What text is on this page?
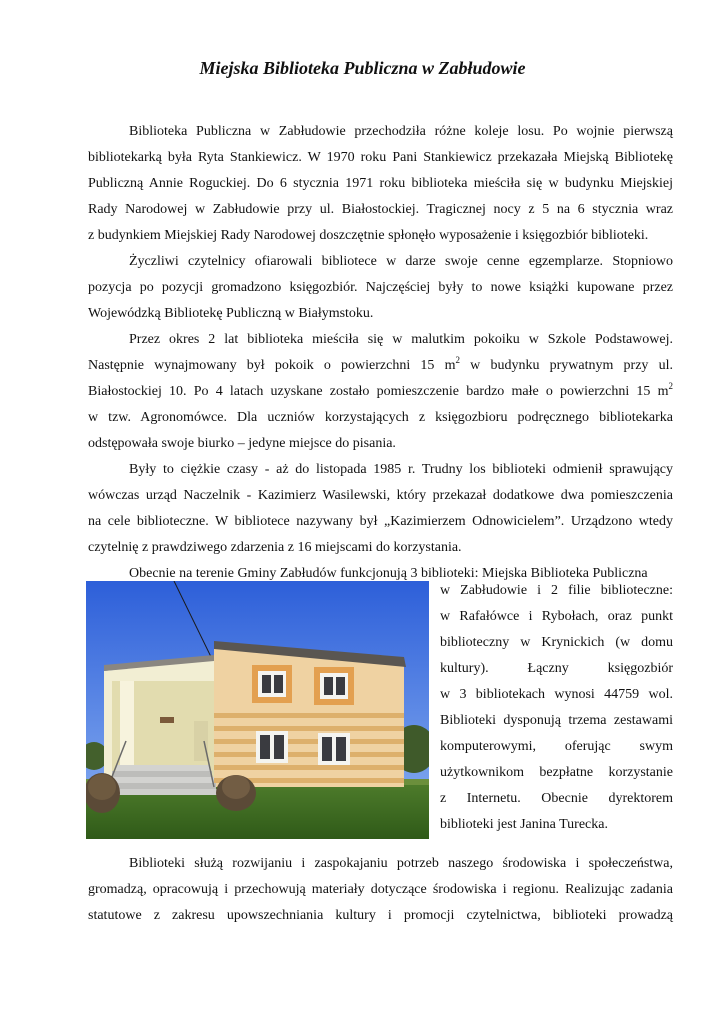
Miejska Biblioteka Publiczna w Zabłudowie
Biblioteka Publiczna w Zabłudowie przechodziła różne koleje losu. Po wojnie pierwszą
bibliotekarką była Ryta Stankiewicz. W 1970 roku Pani Stankiewicz przekazała Miejską Bibliotekę
Publiczną Annie Roguckiej. Do 6 stycznia 1971 roku biblioteka mieściła się w budynku Miejskiej
Rady Narodowej w Zabłudowie przy ul. Białostockiej. Tragicznej nocy z 5 na 6 stycznia wraz
z budynkiem Miejskiej Rady Narodowej doszczętnie spłonęło wyposażenie i księgozbiór biblioteki.
Życzliwi czytelnicy ofiarowali bibliotece w darze swoje cenne egzemplarze. Stopniowo
pozycja po pozycji gromadzono księgozbiór. Najczęściej były to nowe książki kupowane przez
Wojewódzką Bibliotekę Publiczną w Białymstoku.
Przez okres 2 lat biblioteka mieściła się w malutkim pokoiku w Szkole Podstawowej.
Następnie wynajmowany był pokoik o powierzchni 15 $m^2$ w budynku prywatnym przy ul.
Białostockiej 10. Po 4 latach uzyskane zostało pomieszczenie bardzo małe o powierzchni 15 $m^2$
w tzw. Agronomówce. Dla uczniów korzystających z księgozbioru podręcznego bibliotekarka
odstępowała swoje biurko – jedyne miejsce do pisania.
Były to ciężkie czasy - aż do listopada 1985 r. Trudny los biblioteki odmienił sprawujący
wówczas urząd Naczelnik - Kazimierz Wasilewski, który przekazał dodatkowe dwa pomieszczenia
na cele biblioteczne. W bibliotece nazywany był „Kazimierzem Odnowicielem”. Urządzono wtedy
czytelnię z prawdziwego zdarzenia z 16 miejscami do korzystania.
Obecnie na terenie Gminy Zabłudów funkcjonują 3 biblioteki: Miejska Biblioteka Publiczna
w Zabłudowie i 2 filie biblioteczne:
w Rafałówce i Rybołach, oraz punkt
biblioteczny w Krynickich (w domu
kultury). Łączny księgozbiór
w 3 bibliotekach wynosi 44759 wol.
Biblioteki dysponują trzema zestawami
komputerowymi, oferując swym
użytkownikom bezpłatne korzystanie
z Internetu. Obecnie dyrektorem
biblioteki jest Janina Turecka.
Biblioteki służą rozwijaniu i zaspokajaniu potrzeb naszego środowiska i społeczeństwa,
gromadzą, opracowują i przechowują materiały dotyczące środowiska i regionu. Realizując zadania
statutowe z zakresu upowszechniania kultury i promocji czytelnictwa, biblioteki prowadzą
